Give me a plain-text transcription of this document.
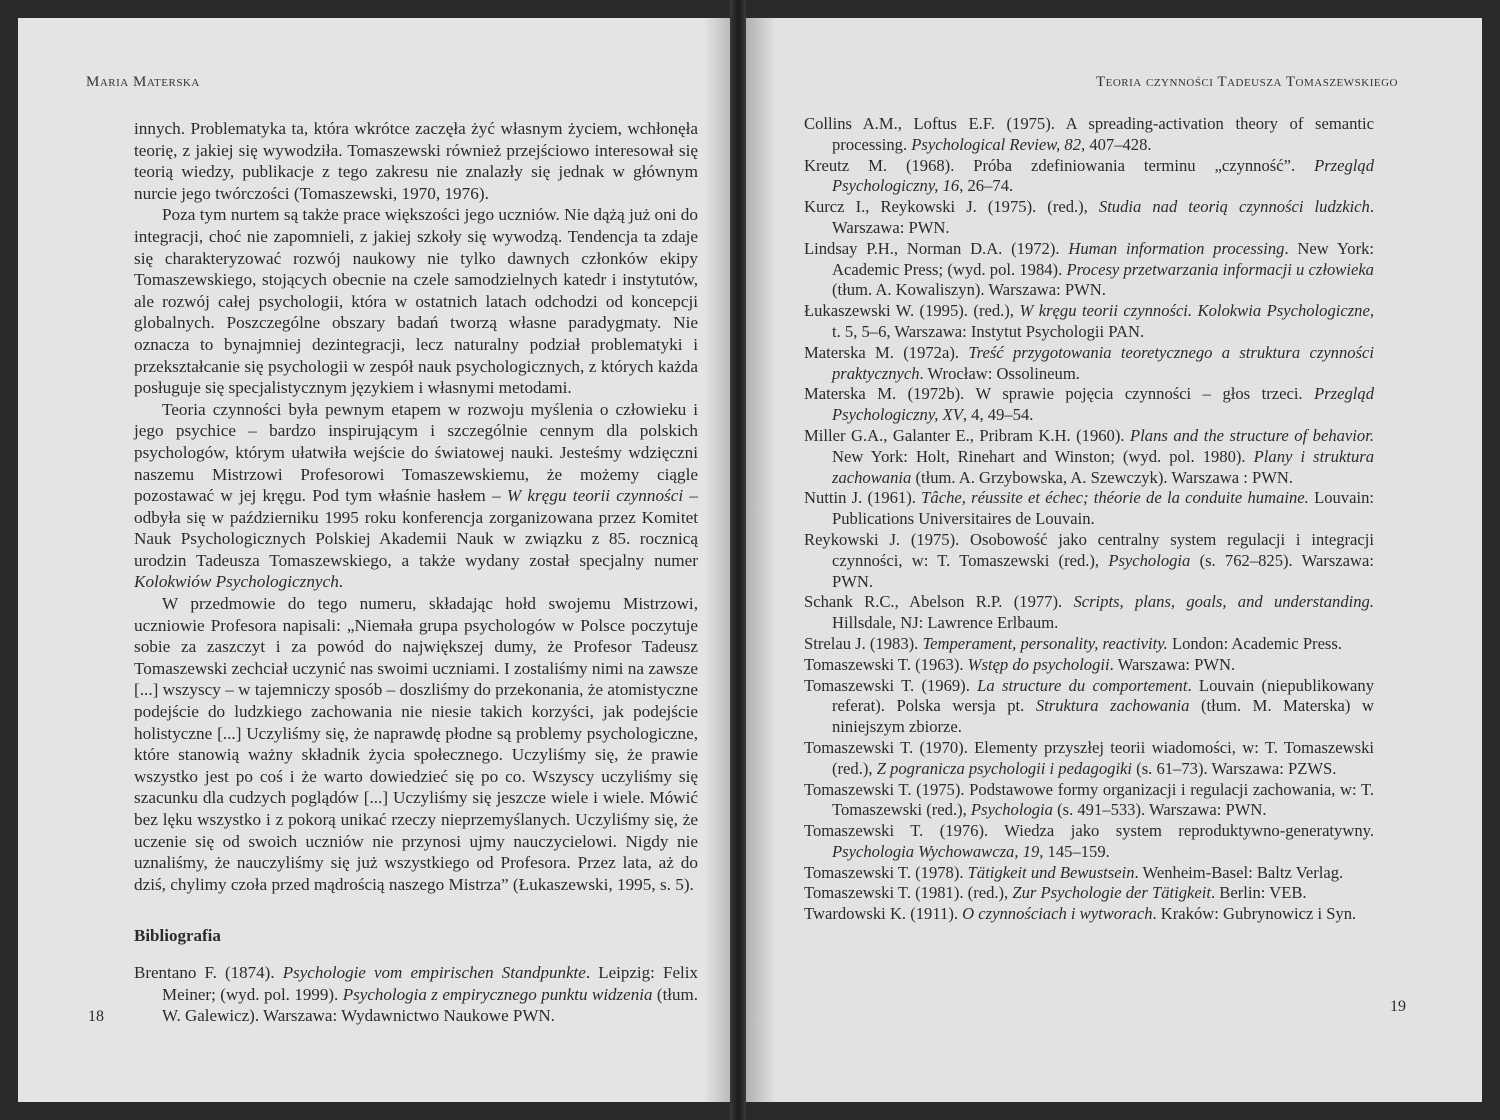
Maria Materska

innych. Problematyka ta, która wkrótce zaczęła żyć własnym życiem, wchłonęła teorię, z jakiej się wywodziła. Tomaszewski również przejściowo interesował się teorią wiedzy, publikacje z tego zakresu nie znalazły się jednak w głównym nurcie jego twórczości (Tomaszewski, 1970, 1976).

Poza tym nurtem są także prace większości jego uczniów. Nie dążą już oni do integracji, choć nie zapomnieli, z jakiej szkoły się wywodzą. Tendencja ta zdaje się charakteryzować rozwój naukowy nie tylko dawnych członków ekipy Tomaszewskiego, stojących obecnie na czele samodzielnych katedr i instytutów, ale rozwój całej psychologii, która w ostatnich latach odchodzi od koncepcji globalnych. Poszczególne obszary badań tworzą własne paradygmaty. Nie oznacza to bynajmniej dezintegracji, lecz naturalny podział problematyki i przekształcanie się psychologii w zespół nauk psychologicznych, z których każda posługuje się specjalistycznym językiem i własnymi metodami.

Teoria czynności była pewnym etapem w rozwoju myślenia o człowieku i jego psychice – bardzo inspirującym i szczególnie cennym dla polskich psychologów, którym ułatwiła wejście do światowej nauki. Jesteśmy wdzięczni naszemu Mistrzowi Profesorowi Tomaszewskiemu, że możemy ciągle pozostawać w jej kręgu. Pod tym właśnie hasłem – W kręgu teorii czynności – odbyła się w październiku 1995 roku konferencja zorganizowana przez Komitet Nauk Psychologicznych Polskiej Akademii Nauk w związku z 85. rocznicą urodzin Tadeusza Tomaszewskiego, a także wydany został specjalny numer Kolokwiów Psychologicznych.

W przedmowie do tego numeru, składając hołd swojemu Mistrzowi, uczniowie Profesora napisali: „Niemała grupa psychologów w Polsce poczytuje sobie za zaszczyt i za powód do największej dumy, że Profesor Tadeusz Tomaszewski zechciał uczynić nas swoimi uczniami. I zostaliśmy nimi na zawsze [...] wszyscy – w tajemniczy sposób – doszliśmy do przekonania, że atomistyczne podejście do ludzkiego zachowania nie niesie takich korzyści, jak podejście holistyczne [...] Uczyliśmy się, że naprawdę płodne są problemy psychologiczne, które stanowią ważny składnik życia społecznego. Uczyliśmy się, że prawie wszystko jest po coś i że warto dowiedzieć się po co. Wszyscy uczyliśmy się szacunku dla cudzych poglądów [...] Uczyliśmy się jeszcze wiele i wiele. Mówić bez lęku wszystko i z pokorą unikać rzeczy nieprzemyślanych. Uczyliśmy się, że uczenie się od swoich uczniów nie przynosi ujmy nauczycielowi. Nigdy nie uznaliśmy, że nauczyliśmy się już wszystkiego od Profesora. Przez lata, aż do dziś, chylimy czoła przed mądrością naszego Mistrza” (Łukaszewski, 1995, s. 5).

Bibliografia

Brentano F. (1874). Psychologie vom empirischen Standpunkte. Leipzig: Felix Meiner; (wyd. pol. 1999). Psychologia z empirycznego punktu widzenia (tłum. W. Galewicz). Warszawa: Wydawnictwo Naukowe PWN.

18
Teoria czynności Tadeusza Tomaszewskiego

Collins A.M., Loftus E.F. (1975). A spreading-activation theory of semantic processing. Psychological Review, 82, 407–428.

Kreutz M. (1968). Próba zdefiniowania terminu „czynność”. Przegląd Psychologiczny, 16, 26–74.

Kurcz I., Reykowski J. (1975). (red.), Studia nad teorią czynności ludzkich. Warszawa: PWN.

Lindsay P.H., Norman D.A. (1972). Human information processing. New York: Academic Press; (wyd. pol. 1984). Procesy przetwarzania informacji u człowieka (tłum. A. Kowaliszyn). Warszawa: PWN.

Łukaszewski W. (1995). (red.), W kręgu teorii czynności. Kolokwia Psychologiczne, t. 5, 5–6, Warszawa: Instytut Psychologii PAN.

Materska M. (1972a). Treść przygotowania teoretycznego a struktura czynności praktycznych. Wrocław: Ossolineum.

Materska M. (1972b). W sprawie pojęcia czynności – głos trzeci. Przegląd Psychologiczny, XV, 4, 49–54.

Miller G.A., Galanter E., Pribram K.H. (1960). Plans and the structure of behavior. New York: Holt, Rinehart and Winston; (wyd. pol. 1980). Plany i struktura zachowania (tłum. A. Grzybowska, A. Szewczyk). Warszawa : PWN.

Nuttin J. (1961). Tâche, réussite et échec; théorie de la conduite humaine. Louvain: Publications Universitaires de Louvain.

Reykowski J. (1975). Osobowość jako centralny system regulacji i integracji czynności, w: T. Tomaszewski (red.), Psychologia (s. 762–825). Warszawa: PWN.

Schank R.C., Abelson R.P. (1977). Scripts, plans, goals, and understanding. Hillsdale, NJ: Lawrence Erlbaum.

Strelau J. (1983). Temperament, personality, reactivity. London: Academic Press.

Tomaszewski T. (1963). Wstęp do psychologii. Warszawa: PWN.

Tomaszewski T. (1969). La structure du comportement. Louvain (niepublikowany referat). Polska wersja pt. Struktura zachowania (tłum. M. Materska) w niniejszym zbiorze.

Tomaszewski T. (1970). Elementy przyszłej teorii wiadomości, w: T. Tomaszewski (red.), Z pogranicza psychologii i pedagogiki (s. 61–73). Warszawa: PZWS.

Tomaszewski T. (1975). Podstawowe formy organizacji i regulacji zachowania, w: T. Tomaszewski (red.), Psychologia (s. 491–533). Warszawa: PWN.

Tomaszewski T. (1976). Wiedza jako system reproduktywno-generatywny. Psychologia Wychowawcza, 19, 145–159.

Tomaszewski T. (1978). Tätigkeit und Bewustsein. Wenheim-Basel: Baltz Verlag.

Tomaszewski T. (1981). (red.), Zur Psychologie der Tätigkeit. Berlin: VEB.

Twardowski K. (1911). O czynnościach i wytworach. Kraków: Gubrynowicz i Syn.

19
